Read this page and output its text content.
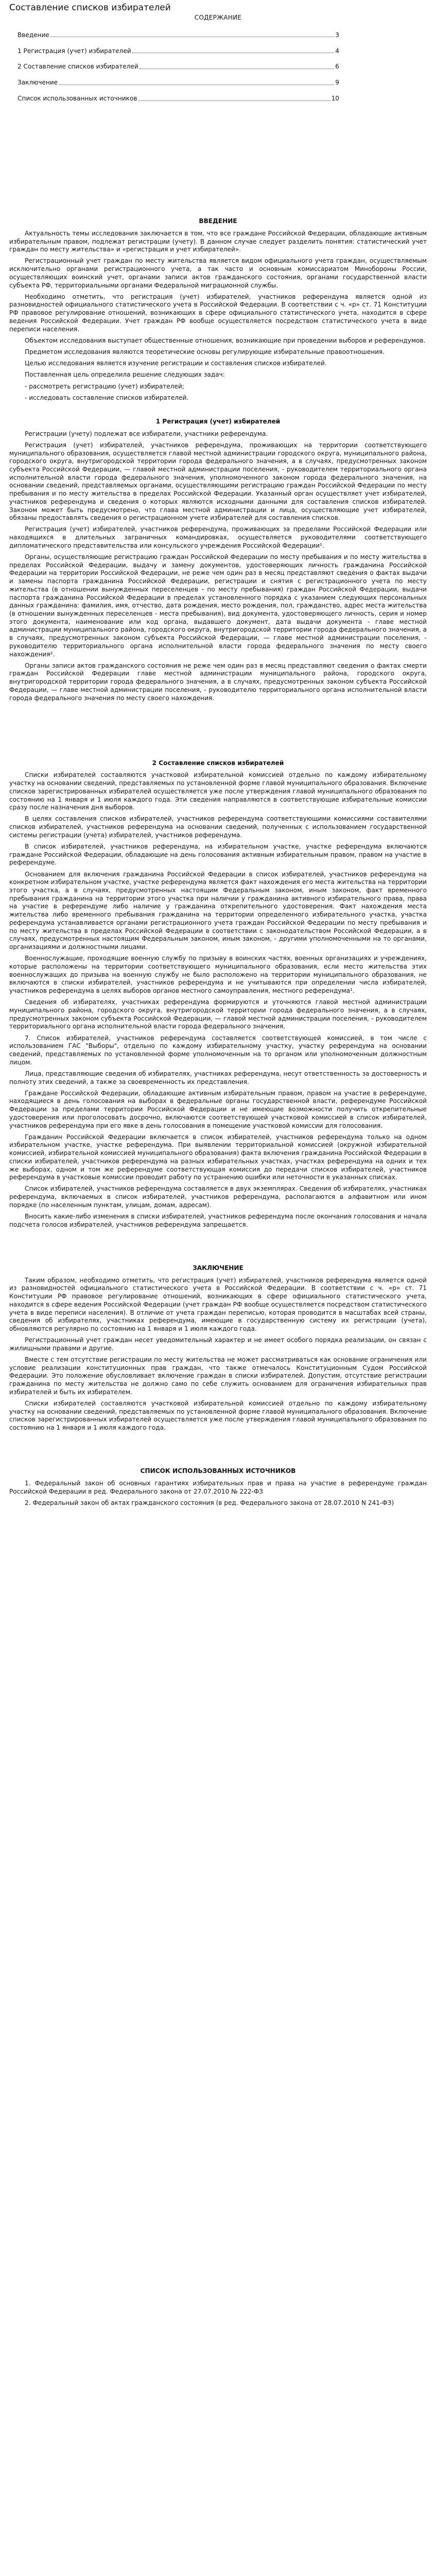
Составление списков избирателей
СОДЕРЖАНИЕ
Введение	3
1 Регистрация (учет) избирателей	4
2 Составление списков избирателей	6
Заключение	9
Список использованных источников	10
ВВЕДЕНИЕ

Актуальность темы исследования заключается в том, что все граждане Российской Федерации, обладающие активным избирательным правом, подлежат регистрации (учету). В данном случае следует разделить понятия: статистический учет граждан по месту жительства» и «регистрация и учет избирателей».

Регистрационный учет граждан по месту жительства является видом официального учета граждан, осуществляемым исключительно органами регистрационного учета, а так часто и основным комиссариатом Минобороны России, осуществляющих воинский учет, органами записи актов гражданского состояния, органами государственной власти субъекта РФ, территориальными органами Федеральной миграционной службы.

Необходимо отметить, что регистрация (учет) избирателей, участников референдума является одной из разновидностей официального статистического учета в Российской Федерации. В соответствии с ч. «р» ст. 71 Конституции РФ правовое регулирование отношений, возникающих в сфере официального статистического учета, находится в сфере ведения Российской Федерации. Учет граждан РФ вообще осуществляется посредством статистического учета в виде переписи населения.

Объектом исследования выступает общественные отношения, возникающие при проведении выборов и референдумов.

Предметом исследования являются теоретические основы регулирующие избирательные правоотношения.

Целью исследования является изучение регистрации и составления списков избирателей.

Поставленная цель определила решение следующих задач:

- рассмотреть регистрацию (учет) избирателей;

- исследовать составление списков избирателей.

1 Регистрация (учет) избирателей

Регистрации (учету) подлежат все избиратели, участники референдума.

Регистрация (учет) избирателей, участников референдума, проживающих на территории соответствующего муниципального образования, осуществляется главой местной администрации городского округа, муниципального района, городского округа, внутригородской территории города федерального значения, а в случаях, предусмотренных законом субъекта Российской Федерации, — главой местной администрации поселения, - руководителем территориального органа исполнительной власти города федерального значения, уполномоченного законом города федерального значения, на основании сведений, представляемых органами, осуществляющими регистрацию граждан Российской Федерации по месту пребывания и по месту жительства в пределах Российской Федерации. Указанный орган осуществляет учет избирателей, участников референдума и сведения о которых являются исходными данными для составления списков избирателей. Законом может быть предусмотрено, что глава местной администрации и лица, осуществляющие учет избирателей, обязаны предоставлять сведения о регистрационном учете избирателей для составления списков.

Регистрация (учет) избирателей, участников референдума, проживающих за пределами Российской Федерации или находящихся в длительных заграничных командировках, осуществляется руководителями соответствующего дипломатического представительства или консульского учреждения Российской Федерации¹.

Органы, осуществляющие регистрацию граждан Российской Федерации по месту пребывания и по месту жительства в пределах Российской Федерации, выдачу и замену документов, удостоверяющих личность гражданина Российской Федерации на территории Российской Федерации, не реже чем один раз в месяц представляют сведения о фактах выдачи и замены паспорта гражданина Российской Федерации, регистрации и снятия с регистрационного учета по месту жительства (в отношении вынужденных переселенцев - по месту пребывания) граждан Российской Федерации, выдачи паспорта гражданина Российской Федерации в пределах установленного порядка с указанием следующих персональных данных гражданина: фамилия, имя, отчество, дата рождения, место рождения, пол, гражданство, адрес места жительства (в отношении вынужденных переселенцев - места пребывания), вид документа, удостоверяющего личность, серия и номер этого документа, наименование или код органа, выдавшего документ, дата выдачи документа - главе местной администрации муниципального района, городского округа, внутригородской территории города федерального значения, а в случаях, предусмотренных законом субъекта Российской Федерации, — главе местной администрации поселения, - руководителю территориального органа исполнительной власти города федерального значения по месту своего нахождения².

Органы записи актов гражданского состояния не реже чем один раз в месяц представляют сведения о фактах смерти граждан Российской Федерации главе местной администрации муниципального района, городского округа, внутригородской территории города федерального значения, а в случаях, предусмотренных законом субъекта Российской Федерации, — главе местной администрации поселения, - руководителю территориального органа исполнительной власти города федерального значения по месту своего нахождения.

2 Составление списков избирателей

Списки избирателей составляются участковой избирательной комиссией отдельно по каждому избирательному участку на основании сведений, представляемых по установленной форме главой муниципального образования. Включение списков зарегистрированных избирателей осуществляется уже после утверждения главой муниципального образования по состоянию на 1 января и 1 июля каждого года. Эти сведения направляются в соответствующие избирательные комиссии сразу после назначения дня выборов.

В целях составления списков избирателей, участников референдума соответствующими комиссиями составителями списков избирателей, участников референдума на основании сведений, полученных с использованием государственной системы регистрации (учета) избирателей, участников референдума.

В список избирателей, участников референдума, на избирательном участке, участке референдума включаются граждане Российской Федерации, обладающие на день голосования активным избирательным правом, правом на участие в референдуме.

Основанием для включения гражданина Российской Федерации в список избирателей, участников референдума на конкретном избирательном участке, участке референдума является факт нахождения его места жительства на территории этого участка, а в случаях, предусмотренных настоящим Федеральным законом, иным законом, факт временного пребывания гражданина на территории этого участка при наличии у гражданина активного избирательного права, права на участие в референдуме либо наличие у гражданина открепительного удостоверения. Факт нахождения места жительства либо временного пребывания гражданина на территории определенного избирательного участка, участка референдума устанавливается органами регистрационного учета граждан Российской Федерации по месту пребывания и по месту жительства в пределах Российской Федерации в соответствии с законодательством Российской Федерации, а в случаях, предусмотренных настоящим Федеральным законом, иным законом, - другими уполномоченными на то органами, организациями и должностными лицами.

Военнослужащие, проходящие военную службу по призыву в воинских частях, военных организациях и учреждениях, которые расположены на территории соответствующего муниципального образования, если место жительства этих военнослужащих до призыва на военную службу не было расположено на территории муниципального образования, не включаются в списки избирателей, участников референдума и не учитываются при определении числа избирателей, участников референдума в целях выборов органов местного самоуправления, местного референдума¹.

Сведения об избирателях, участниках референдума формируются и уточняются главой местной администрации муниципального района, городского округа, внутригородской территории города федерального значения, а в случаях, предусмотренных законом субъекта Российской Федерации, — главой местной администрации поселения, - руководителем территориального органа исполнительной власти города федерального значения.

7. Список избирателей, участников референдума составляется соответствующей комиссией, в том числе с использованием ГАС "Выборы", отдельно по каждому избирательному участку, участку референдума на основании сведений, представляемых по установленной форме уполномоченным на то органом или уполномоченным должностным лицом.

Лица, представляющие сведения об избирателях, участниках референдума, несут ответственность за достоверность и полноту этих сведений, а также за своевременность их представления.

Граждане Российской Федерации, обладающие активным избирательным правом, правом на участие в референдуме, находящиеся в день голосования на выборах в федеральные органы государственной власти, референдуме Российской Федерации за пределами территории Российской Федерации и не имеющие возможности получить открепительные удостоверения или проголосовать досрочно, включаются соответствующей участковой комиссией в список избирателей, участников референдума при его явке в день голосования в помещение участковой комиссии для голосования.

Гражданин Российской Федерации включается в список избирателей, участников референдума только на одном избирательном участке, участке референдума. При выявлении территориальной комиссией (окружной избирательной комиссией, избирательной комиссией муниципального образования) факта включения гражданина Российской Федерации в списки избирателей, участников референдума на разных избирательных участках, участках референдума на одних и тех же выборах, одном и том же референдуме соответствующая комиссия до передачи списков избирателей, участников референдума в участковые комиссии проводит работу по устранению ошибки или неточности в указанных списках.

Список избирателей, участников референдума составляется в двух экземплярах. Сведения об избирателях, участниках референдума, включаемых в список избирателей, участников референдума, располагаются в алфавитном или ином порядке (по населенным пунктам, улицам, домам, адресам).

Вносить какие-либо изменения в списки избирателей, участников референдума после окончания голосования и начала подсчета голосов избирателей, участников референдума запрещается.

ЗАКЛЮЧЕНИЕ

Таким образом, необходимо отметить, что регистрация (учет) избирателей, участников референдума является одной из разновидностей официального статистического учета в Российской Федерации. В соответствии с ч. «р» ст. 71 Конституции РФ правовое регулирование отношений, возникающих в сфере официального статистического учета, находится в сфере ведения Российской Федерации (учет граждан РФ вообще осуществляется посредством статистического учета в виде переписи населения). В отличие от учета граждан переписью, которая проводится в масштабах всей страны, сведения об избирателях, участниках референдума, имеющие в государственную систему их регистрации (учета), обновляются регулярно по состоянию на 1 января и 1 июля каждого года.

Регистрационный учет граждан несет уведомительный характер и не имеет особого порядка реализации, он связан с жилищными правами и другие.

Вместе с тем отсутствие регистрации по месту жительства не может рассматриваться как основание ограничения или условие реализации конституционных прав граждан, что также отмечалось Конституционным Судом Российской Федерации. Это положение обусловливает включение граждан в списки избирателей. Допустим, отсутствие регистрации гражданина по месту жительства не должно само по себе служить основанием для ограничения избирательных прав избирателей и быть их избирателем.

Списки избирателей составляются участковой избирательной комиссией отдельно по каждому избирательному участку на основании сведений, представляемых по установленной форме главой муниципального образования. Включение списков зарегистрированных избирателей осуществляется уже после утверждения главой муниципального образования по состоянию на 1 января и 1 июля каждого года.

СПИСОК ИСПОЛЬЗОВАННЫХ ИСТОЧНИКОВ

1. Федеральный закон об основных гарантиях избирательных прав и права на участие в референдуме граждан Российской Федерации в ред. Федерального закона от 27.07.2010 № 222-ФЗ

2. Федеральный закон об актах гражданского состояния (в ред. Федерального закона от 28.07.2010 N 241-ФЗ)
